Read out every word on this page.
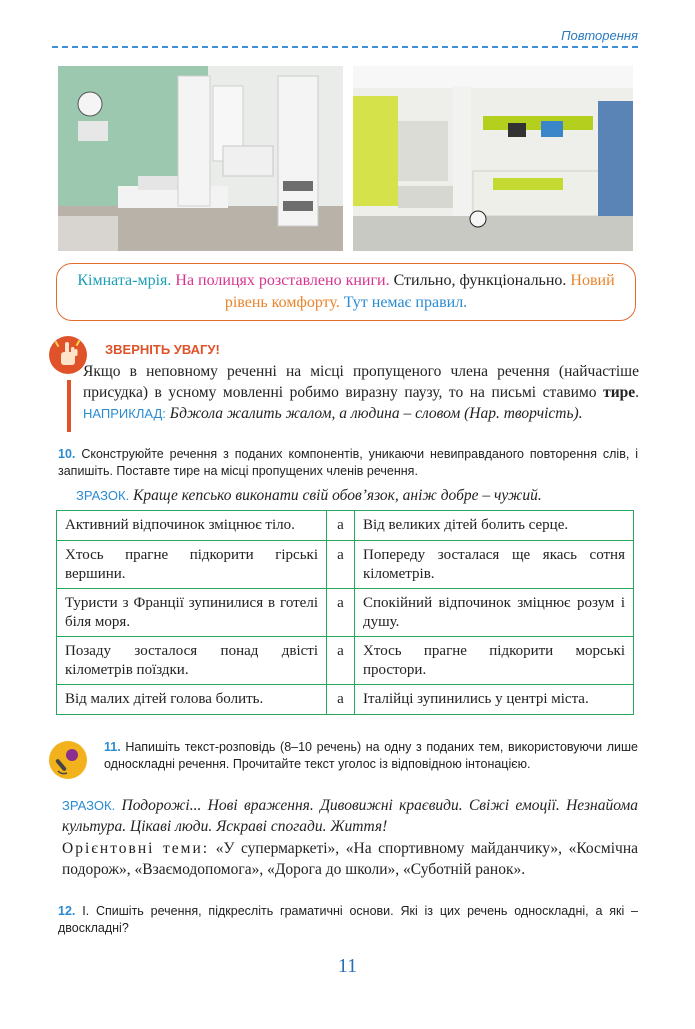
Повторення
Кімната-мрія. На полицях розставлено книги. Стильно, функціонально. Новий рівень комфорту. Тут немає правил.
ЗВЕРНІТЬ УВАГУ!
Якщо в неповному реченні на місці пропущеного члена речення (найчастіше присудка) в усному мовленні робимо виразну паузу, то на письмі ставимо тире. НАПРИКЛАД: Бджола жалить жалом, а людина – словом (Нар. творчість).
10. Сконструюйте речення з поданих компонентів, уникаючи невиправданого повторення слів, і запишіть. Поставте тире на місці пропущених членів речення.
ЗРАЗОК. Краще кепсько виконати свій обов’язок, аніж добре – чужий.
Активний відпочинок зміцнює тіло.	а	Від великих дітей болить серце.
Хтось прагне підкорити гірські вершини.	а	Попереду зосталася ще якась сотня кілометрів.
Туристи з Франції зупинилися в готелі біля моря.	а	Спокійний відпочинок зміцнює розум і душу.
Позаду зосталося понад двісті кілометрів поїздки.	а	Хтось прагне підкорити морські простори.
Від малих дітей голова болить.	а	Італійці зупинились у центрі міста.
11. Напишіть текст-розповідь (8–10 речень) на одну з поданих тем, використовуючи лише односкладні речення. Прочитайте текст уголос із відповідною інтонацією.
ЗРАЗОК. Подорожі... Нові враження. Дивовижні краєвиди. Свіжі емоції. Незнайома культура. Цікаві люди. Яскраві спогади. Життя!
Орієнтовні теми: «У супермаркеті», «На спортивному майданчику», «Космічна подорож», «Взаємодопомога», «Дорога до школи», «Суботній ранок».
12. І. Спишіть речення, підкресліть граматичні основи. Які із цих речень односкладні, а які – двоскладні?
11
